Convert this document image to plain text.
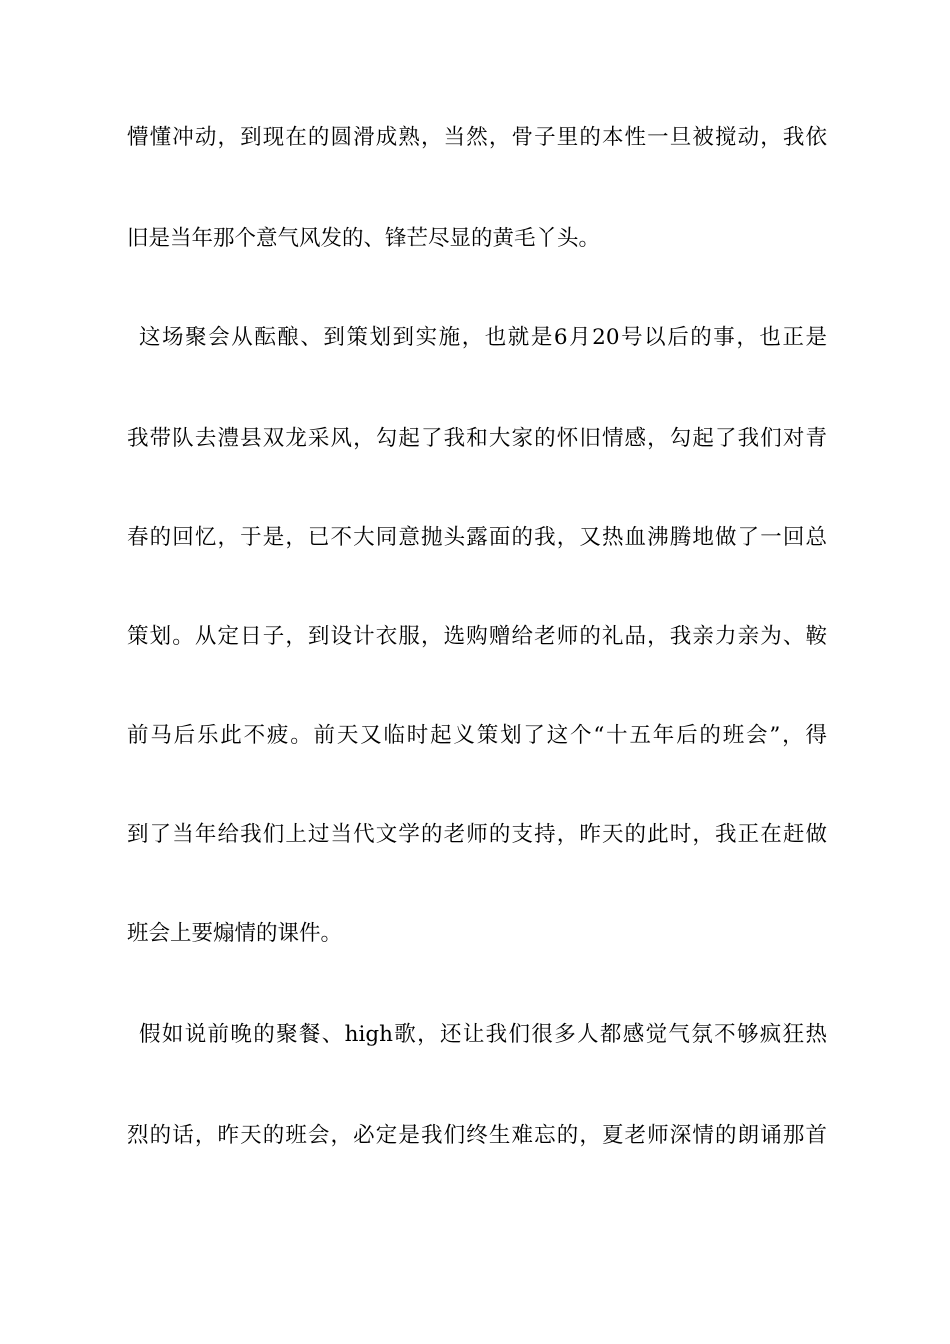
懵懂冲动，到现在的圆滑成熟，当然，骨子里的本性一旦被搅动，我依
旧是当年那个意气风发的、锋芒尽显的黄毛丫头。
这场聚会从酝酿、到策划到实施，也就是6月20号以后的事，也正是
我带队去澧县双龙采风，勾起了我和大家的怀旧情感，勾起了我们对青
春的回忆，于是，已不大同意抛头露面的我，又热血沸腾地做了一回总
策划。从定日子，到设计衣服，选购赠给老师的礼品，我亲力亲为、鞍
前马后乐此不疲。前天又临时起义策划了这个“十五年后的班会”，得
到了当年给我们上过当代文学的老师的支持，昨天的此时，我正在赶做
班会上要煽情的课件。
假如说前晚的聚餐、high歌，还让我们很多人都感觉气氛不够疯狂热
烈的话，昨天的班会，必定是我们终生难忘的，夏老师深情的朗诵那首
